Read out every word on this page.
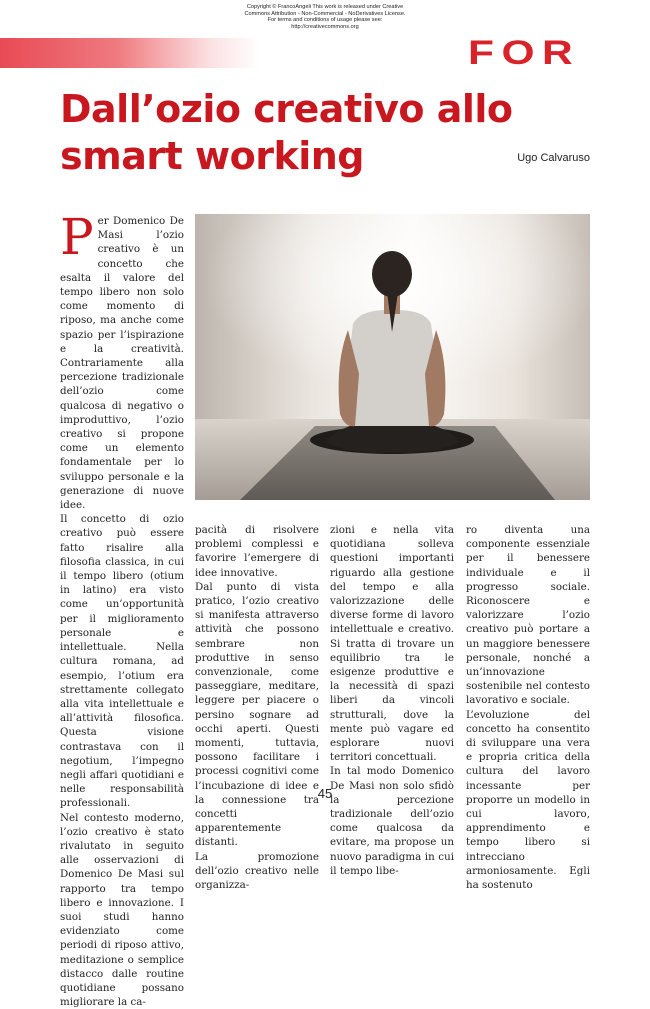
Copyright © FrancoAngeli This work is released under Creative
Commons Attribution - Non-Commercial - NoDerivatives License.
For terms and conditions of usage please see:
http://creativecommons.org
FOR
Dall’ozio creativo allo smart working	Ugo Calvaruso

Per Domenico De Masi l’ozio creativo è un concetto che esalta il valore del tempo libero non solo come momento di riposo, ma anche come spazio per l’ispirazione e la creatività. Contrariamente alla percezione tradizionale dell’ozio come qualcosa di negativo o improduttivo, l’ozio creativo si propone come un elemento fondamentale per lo sviluppo personale e la generazione di nuove idee.

Il concetto di ozio creativo può essere fatto risalire alla filosofia classica, in cui il tempo libero (otium in latino) era visto come un’opportunità per il miglioramento personale e intellettuale. Nella cultura romana, ad esempio, l’otium era strettamente collegato alla vita intellettuale e all’attività filosofica. Questa visione contrastava con il negotium, l’impegno negli affari quotidiani e nelle responsabilità professionali.

Nel contesto moderno, l’ozio creativo è stato rivalutato in seguito alle osservazioni di Domenico De Masi sul rapporto tra tempo libero e innovazione. I suoi studi hanno evidenziato come periodi di riposo attivo, meditazione o semplice distacco dalle routine quotidiane possano migliorare la ca-

pacità di risolvere problemi complessi e favorire l’emergere di idee innovative.

Dal punto di vista pratico, l’ozio creativo si manifesta attraverso attività che possono sembrare non produttive in senso convenzionale, come passeggiare, meditare, leggere per piacere o persino sognare ad occhi aperti. Questi momenti, tuttavia, possono facilitare i processi cognitivi come l’incubazione di idee e la connessione tra concetti apparentemente distanti.

La promozione dell’ozio creativo nelle organizza-

zioni e nella vita quotidiana solleva questioni importanti riguardo alla gestione del tempo e alla valorizzazione delle diverse forme di lavoro intellettuale e creativo. Si tratta di trovare un equilibrio tra le esigenze produttive e la necessità di spazi liberi da vincoli strutturali, dove la mente può vagare ed esplorare nuovi territori concettuali.

In tal modo Domenico De Masi non solo sfidò la percezione tradizionale dell’ozio come qualcosa da evitare, ma propose un nuovo paradigma in cui il tempo libe-

ro diventa una componente essenziale per il benessere individuale e il progresso sociale. Riconoscere e valorizzare l’ozio creativo può portare a un maggiore benessere personale, nonché a un’innovazione sostenibile nel contesto lavorativo e sociale.

L’evoluzione del concetto ha consentito di sviluppare una vera e propria critica della cultura del lavoro incessante per proporre un modello in cui lavoro, apprendimento e tempo libero si intrecciano armoniosamente. Egli ha sostenuto

45
